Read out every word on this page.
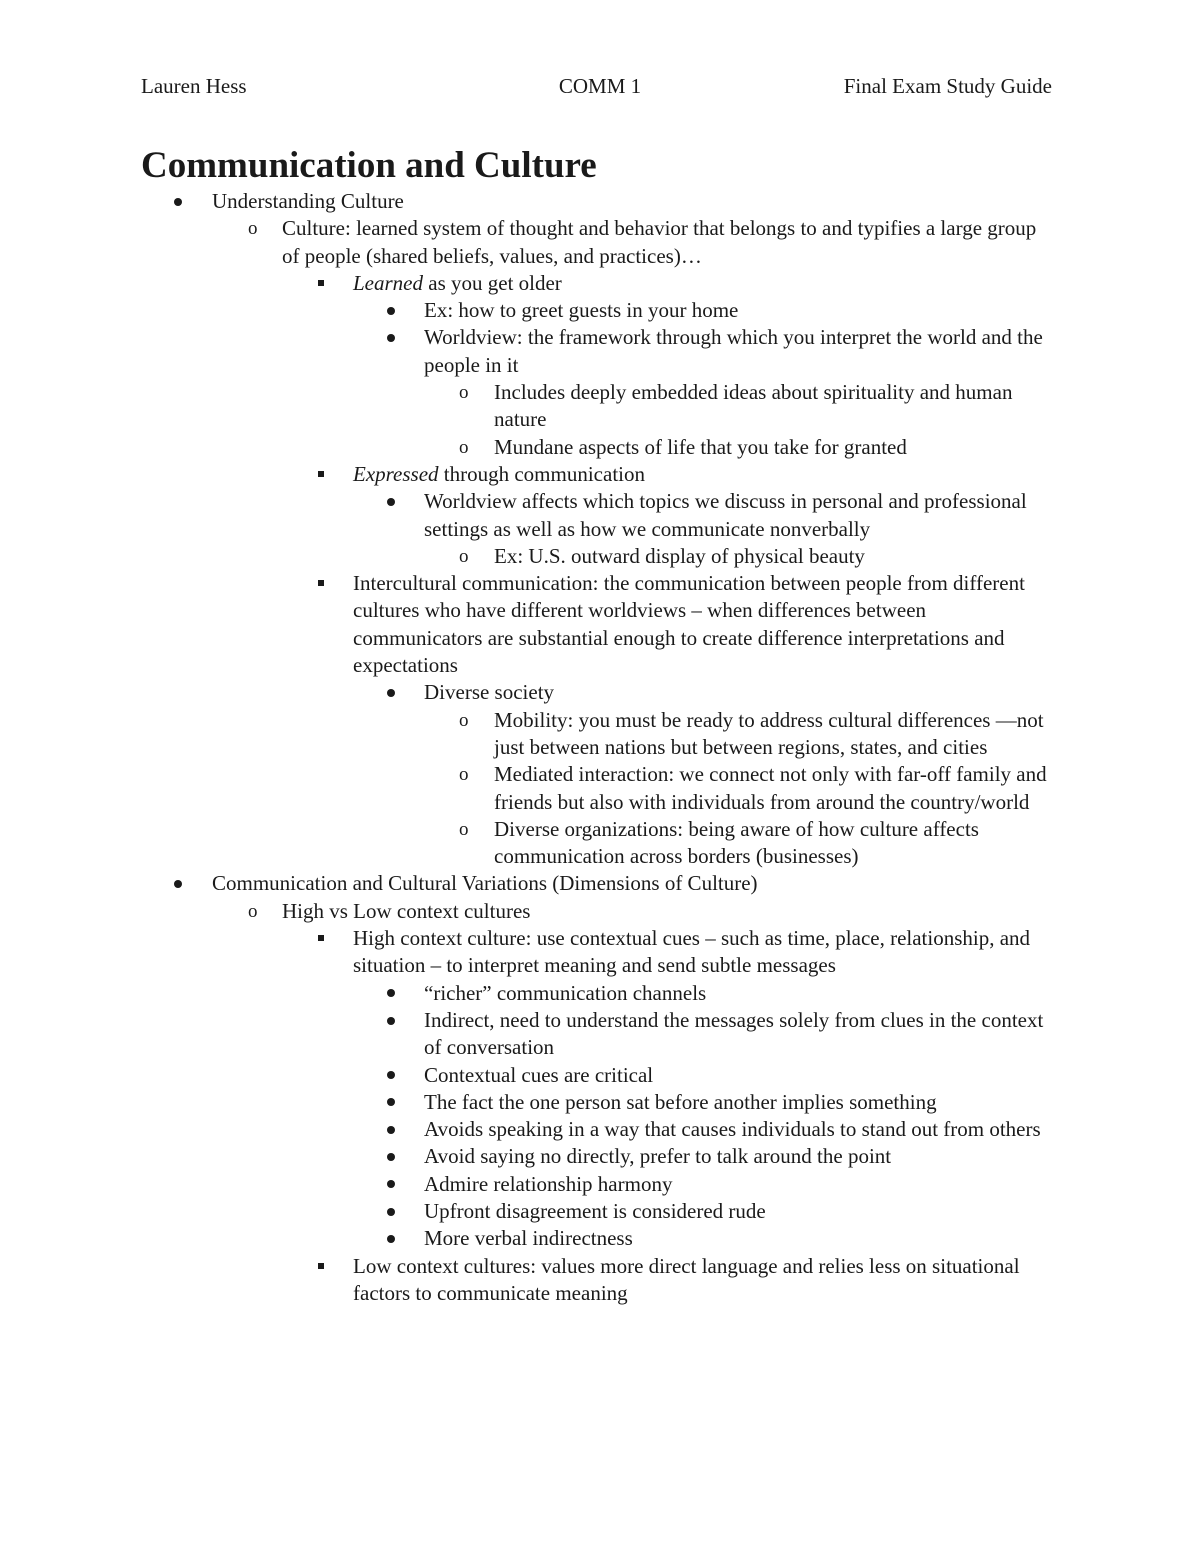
Lauren Hess	COMM 1	Final Exam Study Guide
Communication and Culture
Understanding Culture
o Culture: learned system of thought and behavior that belongs to and typifies a large group of people (shared beliefs, values, and practices)…
Learned as you get older
Ex: how to greet guests in your home
Worldview: the framework through which you interpret the world and the people in it
o Includes deeply embedded ideas about spirituality and human nature
o Mundane aspects of life that you take for granted
Expressed through communication
Worldview affects which topics we discuss in personal and professional settings as well as how we communicate nonverbally
o Ex: U.S. outward display of physical beauty
Intercultural communication: the communication between people from different cultures who have different worldviews – when differences between communicators are substantial enough to create difference interpretations and expectations
Diverse society
o Mobility: you must be ready to address cultural differences —not just between nations but between regions, states, and cities
o Mediated interaction: we connect not only with far-off family and friends but also with individuals from around the country/world
o Diverse organizations: being aware of how culture affects communication across borders (businesses)
Communication and Cultural Variations (Dimensions of Culture)
o High vs Low context cultures
High context culture: use contextual cues – such as time, place, relationship, and situation – to interpret meaning and send subtle messages
“richer” communication channels
Indirect, need to understand the messages solely from clues in the context of conversation
Contextual cues are critical
The fact the one person sat before another implies something
Avoids speaking in a way that causes individuals to stand out from others
Avoid saying no directly, prefer to talk around the point
Admire relationship harmony
Upfront disagreement is considered rude
More verbal indirectness
Low context cultures: values more direct language and relies less on situational factors to communicate meaning
